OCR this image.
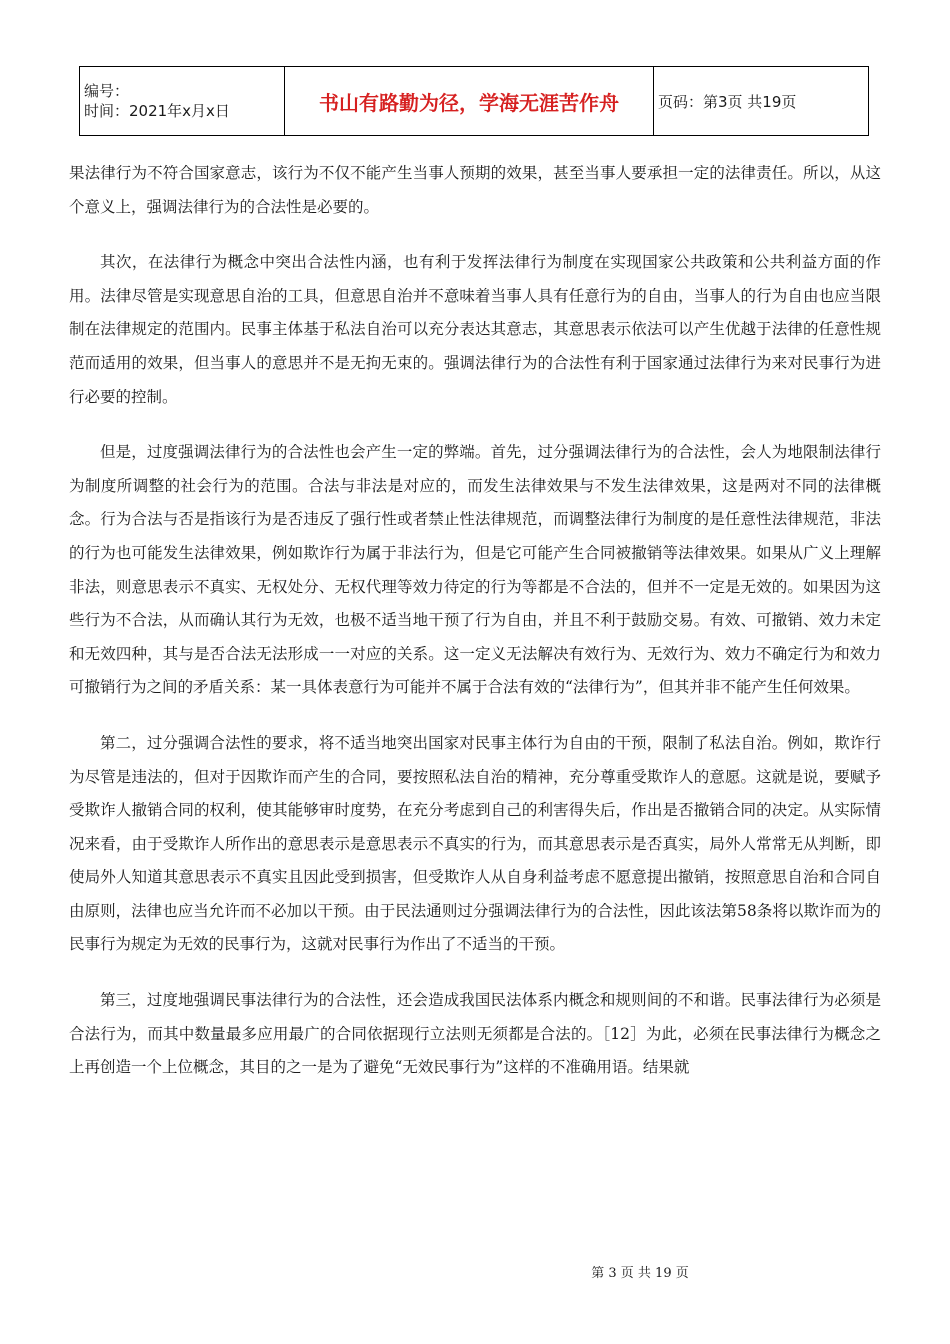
编号：
时间：2021年x月x日	书山有路勤为径，学海无涯苦作舟	页码：第3页 共19页

果法律行为不符合国家意志，该行为不仅不能产生当事人预期的效果，甚至当事人要承担一定的法律责任。所以，从这个意义上，强调法律行为的合法性是必要的。

其次，在法律行为概念中突出合法性内涵，也有利于发挥法律行为制度在实现国家公共政策和公共利益方面的作用。法律尽管是实现意思自治的工具，但意思自治并不意味着当事人具有任意行为的自由，当事人的行为自由也应当限制在法律规定的范围内。民事主体基于私法自治可以充分表达其意志，其意思表示依法可以产生优越于法律的任意性规范而适用的效果，但当事人的意思并不是无拘无束的。强调法律行为的合法性有利于国家通过法律行为来对民事行为进行必要的控制。

但是，过度强调法律行为的合法性也会产生一定的弊端。首先，过分强调法律行为的合法性，会人为地限制法律行为制度所调整的社会行为的范围。合法与非法是对应的，而发生法律效果与不发生法律效果，这是两对不同的法律概念。行为合法与否是指该行为是否违反了强行性或者禁止性法律规范，而调整法律行为制度的是任意性法律规范，非法的行为也可能发生法律效果，例如欺诈行为属于非法行为，但是它可能产生合同被撤销等法律效果。如果从广义上理解非法，则意思表示不真实、无权处分、无权代理等效力待定的行为等都是不合法的，但并不一定是无效的。如果因为这些行为不合法，从而确认其行为无效，也极不适当地干预了行为自由，并且不利于鼓励交易。有效、可撤销、效力未定和无效四种，其与是否合法无法形成一一对应的关系。这一定义无法解决有效行为、无效行为、效力不确定行为和效力可撤销行为之间的矛盾关系：某一具体表意行为可能并不属于合法有效的“法律行为”，但其并非不能产生任何效果。

第二，过分强调合法性的要求，将不适当地突出国家对民事主体行为自由的干预，限制了私法自治。例如，欺诈行为尽管是违法的，但对于因欺诈而产生的合同，要按照私法自治的精神，充分尊重受欺诈人的意愿。这就是说，要赋予受欺诈人撤销合同的权利，使其能够审时度势，在充分考虑到自己的利害得失后，作出是否撤销合同的决定。从实际情况来看，由于受欺诈人所作出的意思表示是意思表示不真实的行为，而其意思表示是否真实，局外人常常无从判断，即使局外人知道其意思表示不真实且因此受到损害，但受欺诈人从自身利益考虑不愿意提出撤销，按照意思自治和合同自由原则，法律也应当允许而不必加以干预。由于民法通则过分强调法律行为的合法性，因此该法第58条将以欺诈而为的民事行为规定为无效的民事行为，这就对民事行为作出了不适当的干预。

第三，过度地强调民事法律行为的合法性，还会造成我国民法体系内概念和规则间的不和谐。民事法律行为必须是合法行为，而其中数量最多应用最广的合同依据现行立法则无须都是合法的。［12］为此，必须在民事法律行为概念之上再创造一个上位概念，其目的之一是为了避免“无效民事行为”这样的不准确用语。结果就

第 3 页 共 19 页
